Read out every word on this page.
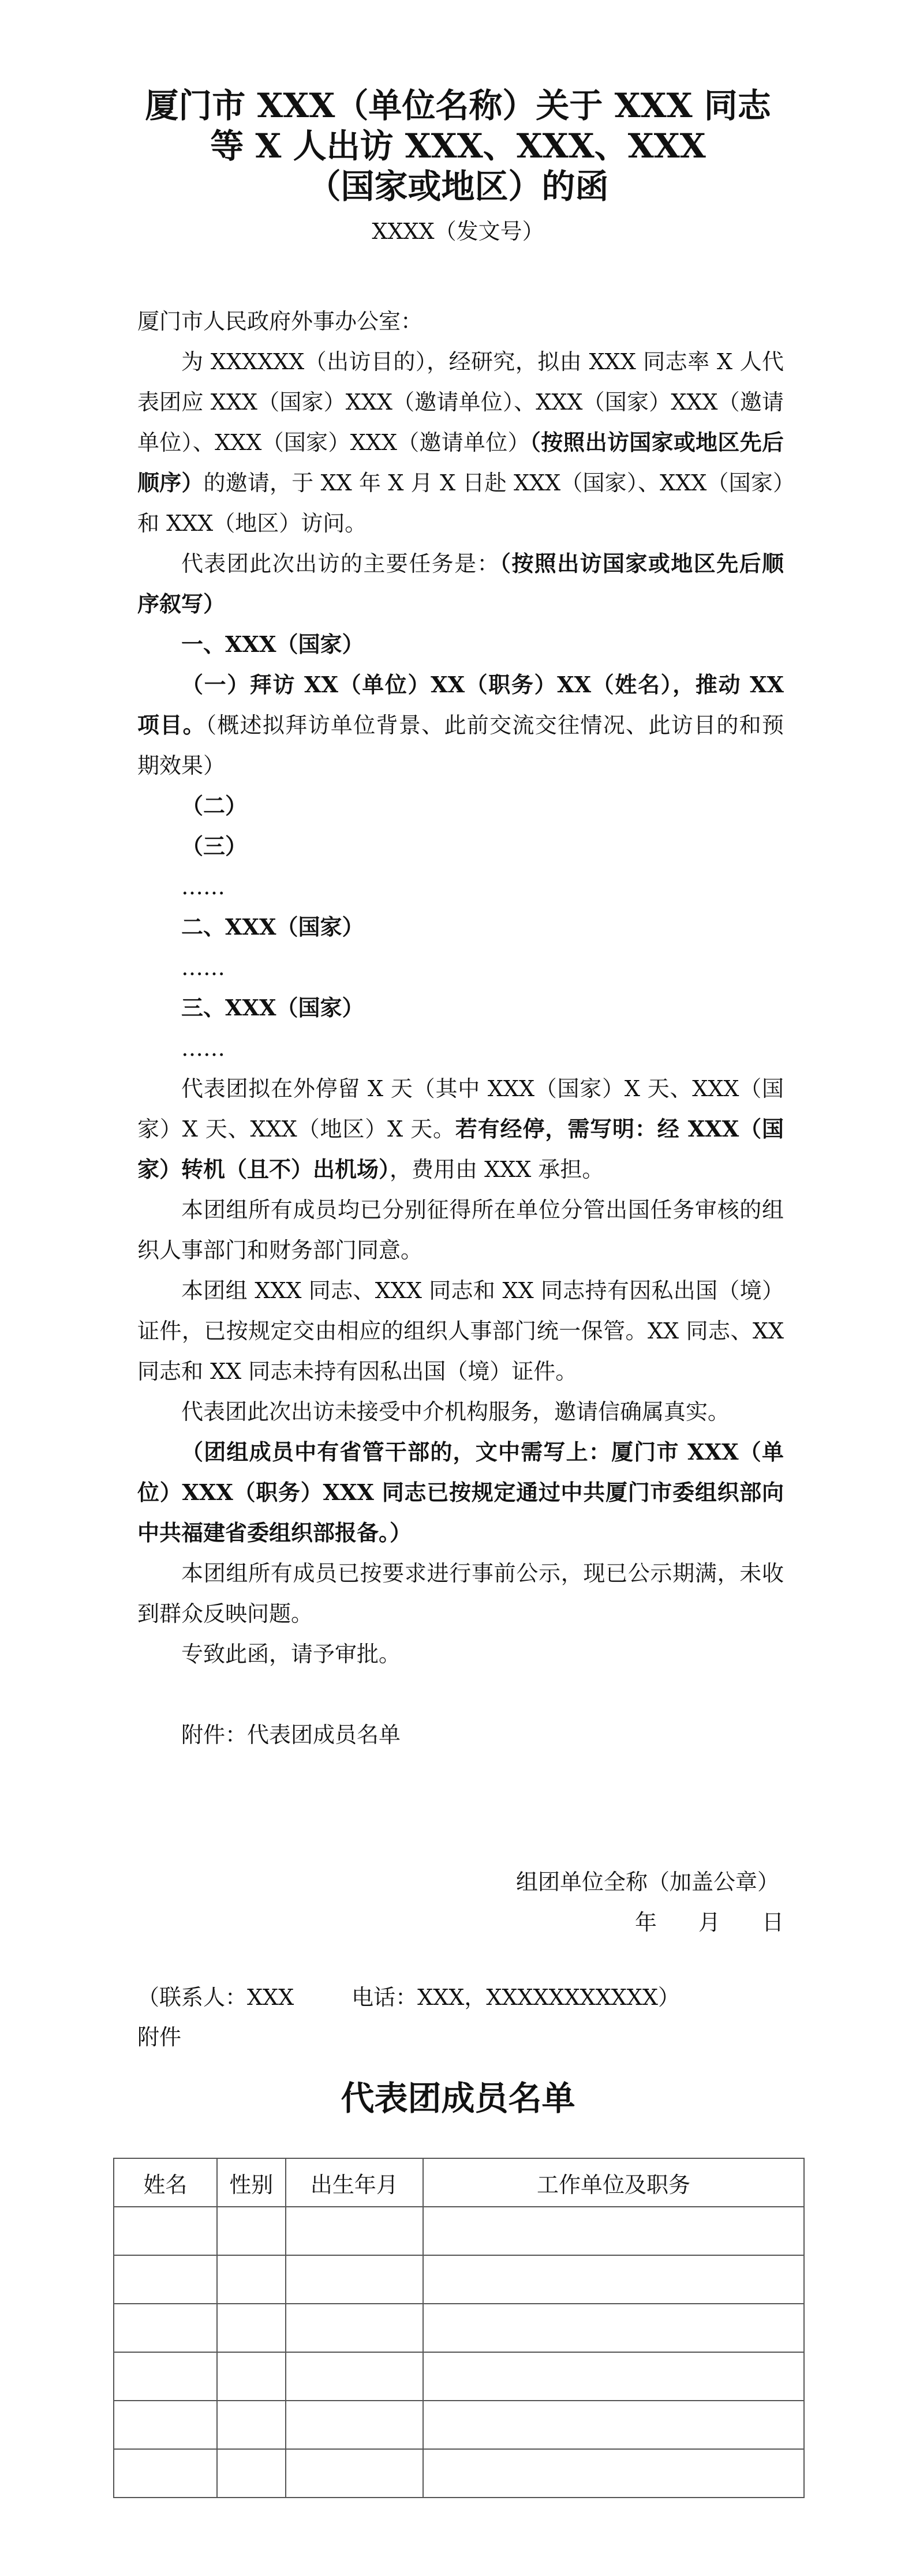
厦门市 XXX（单位名称）关于 XXX 同志
等 X 人出访 XXX、XXX、XXX
（国家或地区）的函
XXXX（发文号）

厦门市人民政府外事办公室：

为 XXXXXX（出访目的），经研究，拟由 XXX 同志率 X 人代表团应 XXX（国家）XXX（邀请单位）、XXX（国家）XXX（邀请单位）、XXX（国家）XXX（邀请单位）（按照出访国家或地区先后顺序）的邀请，于 XX 年 X 月 X 日赴 XXX（国家）、XXX（国家）和 XXX（地区）访问。

代表团此次出访的主要任务是：（按照出访国家或地区先后顺序叙写）

一、XXX（国家）

（一）拜访 XX（单位）XX（职务）XX（姓名），推动 XX 项目。（概述拟拜访单位背景、此前交流交往情况、此访目的和预期效果）

（二）

（三）

……

二、XXX（国家）

……

三、XXX（国家）

……

代表团拟在外停留 X 天（其中 XXX（国家）X 天、XXX（国家）X 天、XXX（地区）X 天。若有经停，需写明：经 XXX（国家）转机（且不）出机场），费用由 XXX 承担。

本团组所有成员均已分别征得所在单位分管出国任务审核的组织人事部门和财务部门同意。

本团组 XXX 同志、XXX 同志和 XX 同志持有因私出国（境）证件，已按规定交由相应的组织人事部门统一保管。XX 同志、XX 同志和 XX 同志未持有因私出国（境）证件。

代表团此次出访未接受中介机构服务，邀请信确属真实。

（团组成员中有省管干部的，文中需写上：厦门市 XXX（单位）XXX（职务）XXX 同志已按规定通过中共厦门市委组织部向中共福建省委组织部报备。）

本团组所有成员已按要求进行事前公示，现已公示期满，未收到群众反映问题。

专致此函，请予审批。

附件：代表团成员名单

组团单位全称（加盖公章）
年 月 日
（联系人：XXX	电话：XXX，XXXXXXXXXXX）
附件
代表团成员名单
姓名	性别	出生年月	工作单位及职务
